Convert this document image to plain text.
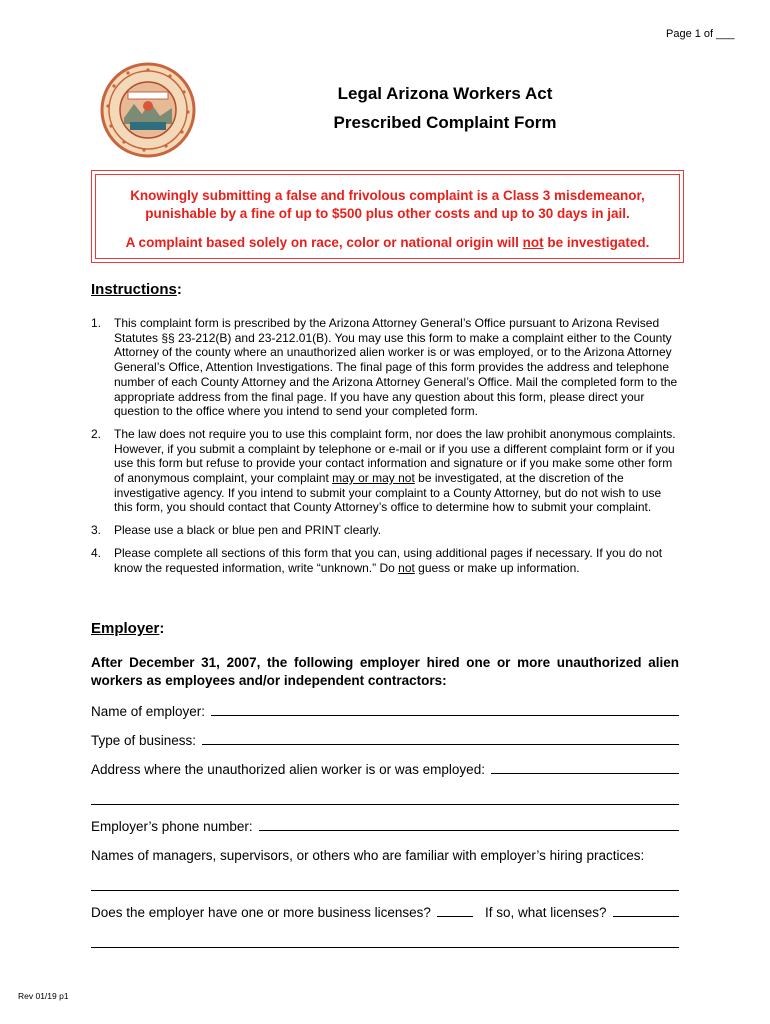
Page 1 of ___
Legal Arizona Workers Act
Prescribed Complaint Form
Knowingly submitting a false and frivolous complaint is a Class 3 misdemeanor, punishable by a fine of up to $500 plus other costs and up to 30 days in jail.
A complaint based solely on race, color or national origin will not be investigated.
Instructions:
1. This complaint form is prescribed by the Arizona Attorney General’s Office pursuant to Arizona Revised Statutes §§ 23-212(B) and 23-212.01(B). You may use this form to make a complaint either to the County Attorney of the county where an unauthorized alien worker is or was employed, or to the Arizona Attorney General’s Office, Attention Investigations. The final page of this form provides the address and telephone number of each County Attorney and the Arizona Attorney General’s Office. Mail the completed form to the appropriate address from the final page. If you have any question about this form, please direct your question to the office where you intend to send your completed form.
2. The law does not require you to use this complaint form, nor does the law prohibit anonymous complaints. However, if you submit a complaint by telephone or e-mail or if you use a different complaint form or if you use this form but refuse to provide your contact information and signature or if you make some other form of anonymous complaint, your complaint may or may not be investigated, at the discretion of the investigative agency. If you intend to submit your complaint to a County Attorney, but do not wish to use this form, you should contact that County Attorney’s office to determine how to submit your complaint.
3. Please use a black or blue pen and PRINT clearly.
4. Please complete all sections of this form that you can, using additional pages if necessary. If you do not know the requested information, write “unknown.” Do not guess or make up information.
Employer:
After December 31, 2007, the following employer hired one or more unauthorized alien workers as employees and/or independent contractors:
Name of employer:
Type of business:
Address where the unauthorized alien worker is or was employed:
Employer’s phone number:
Names of managers, supervisors, or others who are familiar with employer’s hiring practices:
Does the employer have one or more business licenses?	If so, what licenses?
Rev 01/19 p1
